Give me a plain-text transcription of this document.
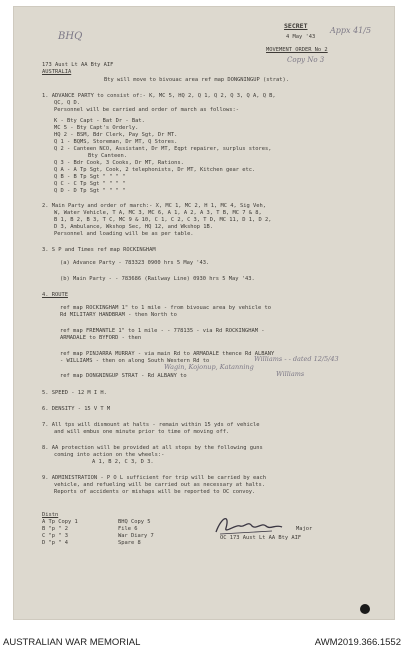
BHQ
Appx 41/5
Copy No 3
SECRET
4 May '43
MOVEMENT ORDER No 2
173 Aust Lt AA Bty AIF
AUSTRALIA
Bty will move to bivouac area ref map DONGNINGUP (strat).
1. ADVANCE PARTY to consist of:- K, MC 5, HQ 2, Q 1, Q 2, Q 3, Q A, Q B,
QC, Q D.
Personnel will be carried and order of march as follows:-
K - Bty Capt - Bat Dr - Bat.
MC 5 - Bty Capt's Orderly.
HQ 2 - BSM, Bdr Clerk, Pay Sgt, Dr MT.
Q 1 - BQMS, Storeman, Dr MT, Q Stores.
Q 2 - Canteen NCO, Assistant, Dr MT, Eqpt repairer, surplus stores,
Bty Canteen.
Q 3 - Bdr Cook, 3 Cooks, Dr MT, Rations.
Q A - A Tp Sgt, Cook, 2 telephonists, Dr MT, Kitchen gear etc.
Q B - B Tp Sgt " " " "
Q C - C Tp Sgt " " " "
Q D - D Tp Sgt " " " "
2. Main Party and order of march:- X, MC 1, MC 2, H 1, MC 4, Sig Veh,
W, Water Vehicle, T A, MC 3, MC 6, A 1, A 2, A 3, T B, MC 7 & 8,
B 1, B 2, B 3, T C, MC 9 & 10, C 1, C 2, C 3, T D, MC 11, D 1, D 2,
D 3, Ambulance, Wkshop Sec, HQ 12, and Wkshop 1B.
Personnel and loading will be as per table.
3. S P and Times ref map ROCKINGHAM
(a) Advance Party - 783323 0900 hrs 5 May '43.
(b) Main Party - - 783686 (Railway Line) 0930 hrs 5 May '43.
4. ROUTE
ref map ROCKINGHAM 1" to 1 mile - from bivouac area by vehicle to
Rd MILITARY HANDBRAM - then North to
ref map FREMANTLE 1" to 1 mile - - 778135 - via Rd ROCKINGHAM -
ARMADALE to BYFORD - then
ref map PINJARRA MURRAY - via main Rd to ARMADALE thence Rd ALBANY
- WILLIAMS - then on along South Western Rd to
Wagin, Kojonup, Katanning
Williams - - dated 12/5/43
ref map DONGNINGUP STRAT - Rd ALBANY to	Williams
5. SPEED - 12 M I H.
6. DENSITY - 15 V T M
7. All tps will dismount at halts - remain within 15 yds of vehicle
and will embus one minute prior to time of moving off.
8. AA protection will be provided at all stops by the following guns
coming into action on the wheels:-
A 1, B 2, C 3, D 3.
9. ADMINISTRATION - P O L sufficient for trip will be carried by each
vehicle, and refueling will be carried out as necessary at halts.
Reports of accidents or mishaps will be reported to OC convoy.
Distn
A Tp Copy 1
B "p " 2
C "p " 3
D "p " 4
BHQ Copy 5
File 6
War Diary 7
Spare 8
Major
OC 173 Aust Lt AA Bty AIF
AUSTRALIAN WAR MEMORIAL	AWM2019.366.1552
